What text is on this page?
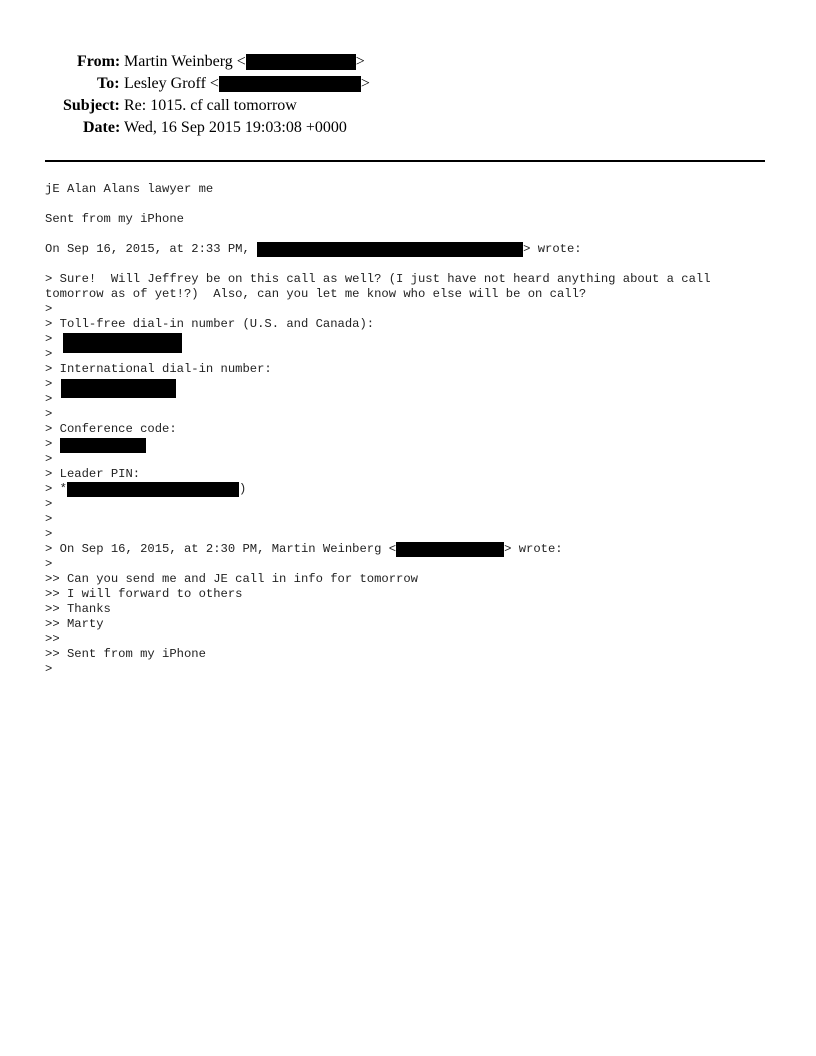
From: Martin Weinberg <	>
To: Lesley Groff <	>
Subject: Re: 1015. cf call tomorrow
Date: Wed, 16 Sep 2015 19:03:08 +0000
jE Alan Alans lawyer me
Sent from my iPhone
On Sep 16, 2015, at 2:33 PM,	> wrote:
> Sure!  Will Jeffrey be on this call as well? (I just have not heard anything about a call
tomorrow as of yet!?)  Also, can you let me know who else will be on call?
>
> Toll-free dial-in number (U.S. and Canada):
>
>
> International dial-in number:
>
>
>
> Conference code:
>
>
> Leader PIN:
> *	)
>
>
>
> On Sep 16, 2015, at 2:30 PM, Martin Weinberg <	> wrote:
>
>> Can you send me and JE call in info for tomorrow
>> I will forward to others
>> Thanks
>> Marty
>>
>> Sent from my iPhone
>
